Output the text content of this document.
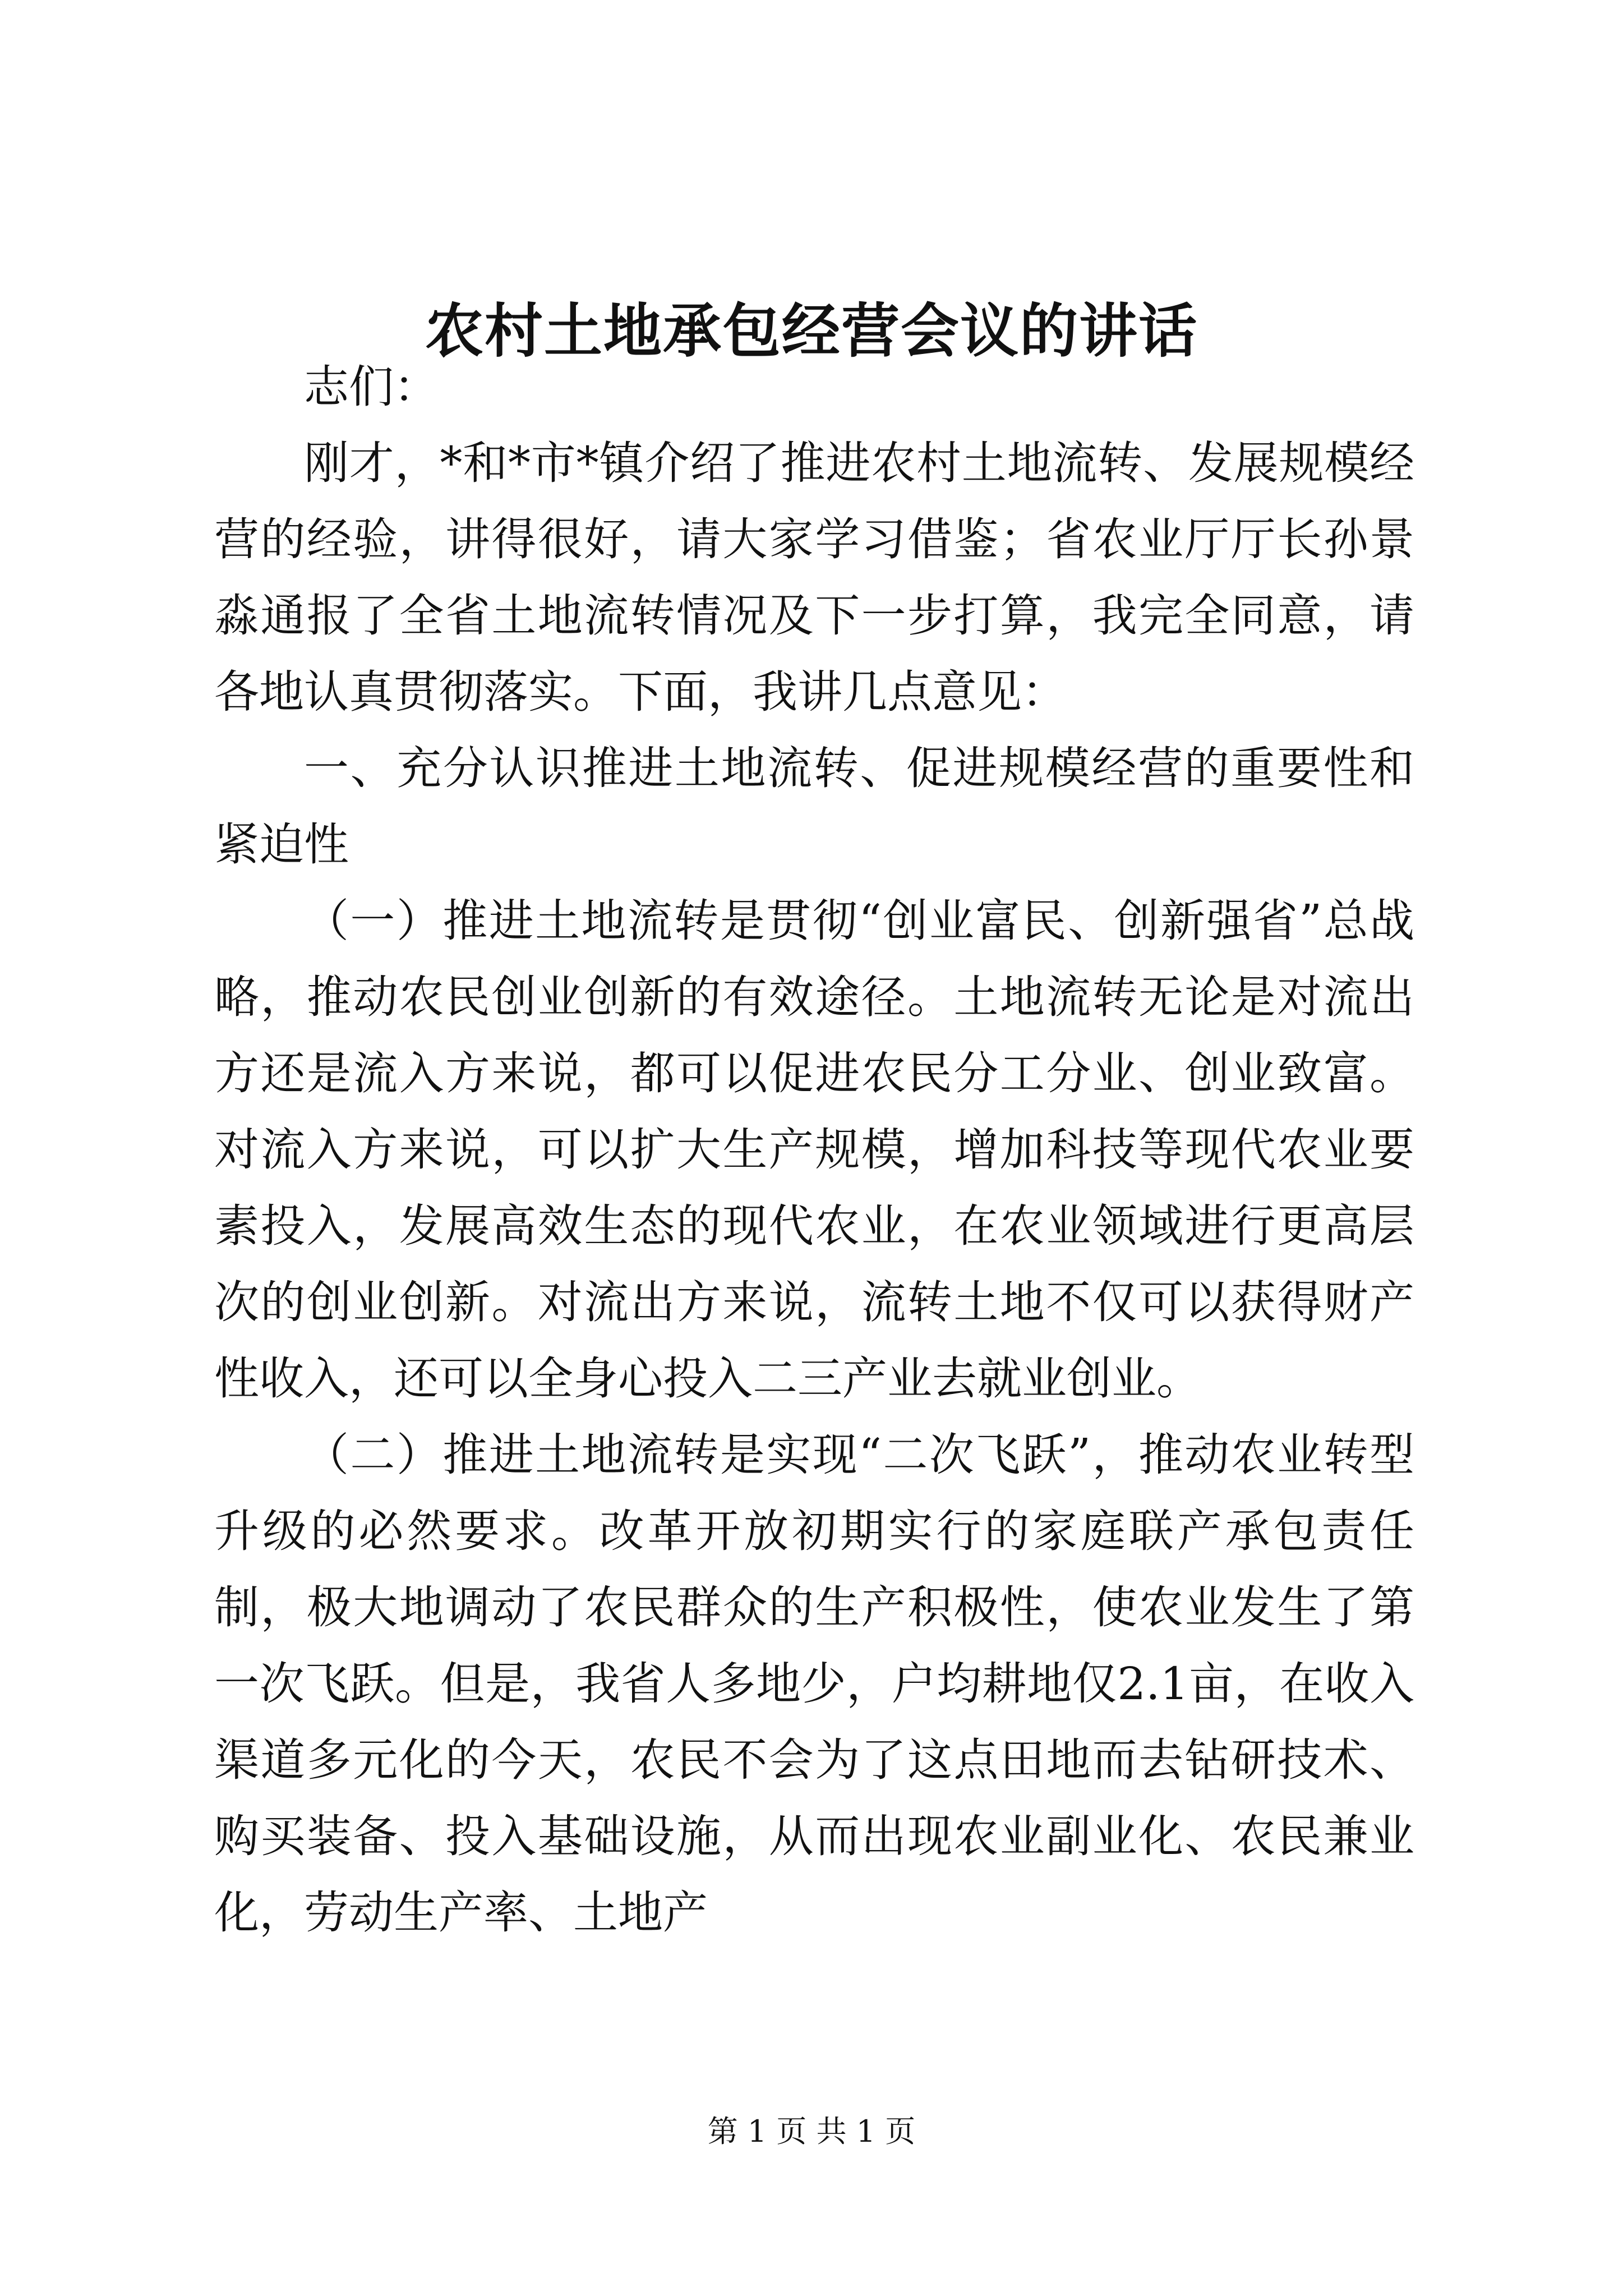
农村土地承包经营会议的讲话

志们：

刚才，*和*市*镇介绍了推进农村土地流转、发展规模经营的经验，讲得很好，请大家学习借鉴；省农业厅厅长孙景淼通报了全省土地流转情况及下一步打算，我完全同意，请各地认真贯彻落实。下面，我讲几点意见：

一、充分认识推进土地流转、促进规模经营的重要性和紧迫性

（一）推进土地流转是贯彻“创业富民、创新强省”总战略，推动农民创业创新的有效途径。土地流转无论是对流出方还是流入方来说，都可以促进农民分工分业、创业致富。对流入方来说，可以扩大生产规模，增加科技等现代农业要素投入，发展高效生态的现代农业，在农业领域进行更高层次的创业创新。对流出方来说，流转土地不仅可以获得财产性收入，还可以全身心投入二三产业去就业创业。

（二）推进土地流转是实现“二次飞跃”，推动农业转型升级的必然要求。改革开放初期实行的家庭联产承包责任制，极大地调动了农民群众的生产积极性，使农业发生了第一次飞跃。但是，我省人多地少，户均耕地仅2.1亩，在收入渠道多元化的今天，农民不会为了这点田地而去钻研技术、购买装备、投入基础设施，从而出现农业副业化、农民兼业化，劳动生产率、土地产

第 1 页 共 1 页
